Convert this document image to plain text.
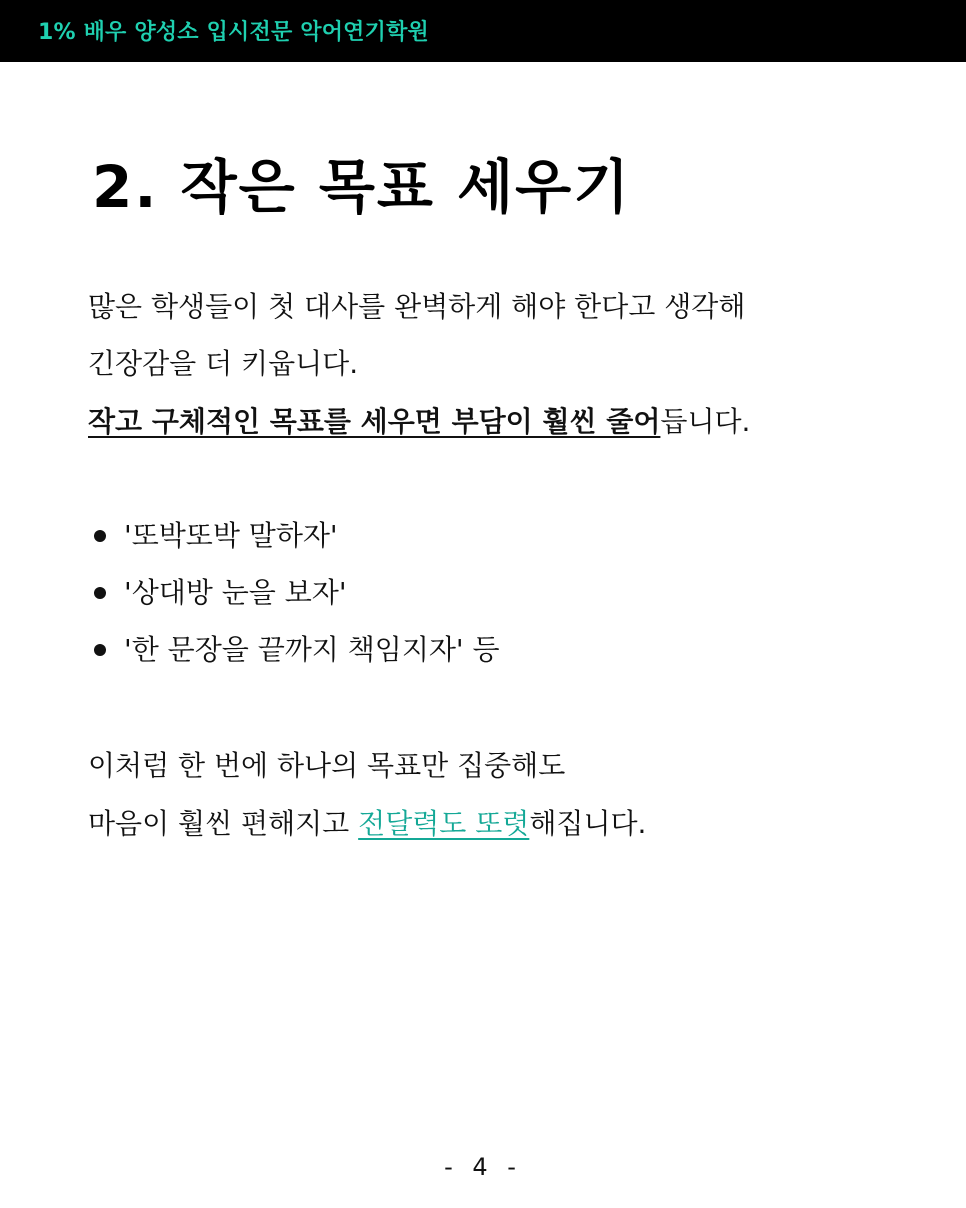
1% 배우 양성소 입시전문 악어연기학원
2. 작은 목표 세우기
많은 학생들이 첫 대사를 완벽하게 해야 한다고 생각해
긴장감을 더 키웁니다.
작고 구체적인 목표를 세우면 부담이 훨씬 줄어듭니다.
'또박또박 말하자'
'상대방 눈을 보자'
'한 문장을 끝까지 책임지자' 등
이처럼 한 번에 하나의 목표만 집중해도
마음이 훨씬 편해지고 전달력도 또렷해집니다.
- 4 -
